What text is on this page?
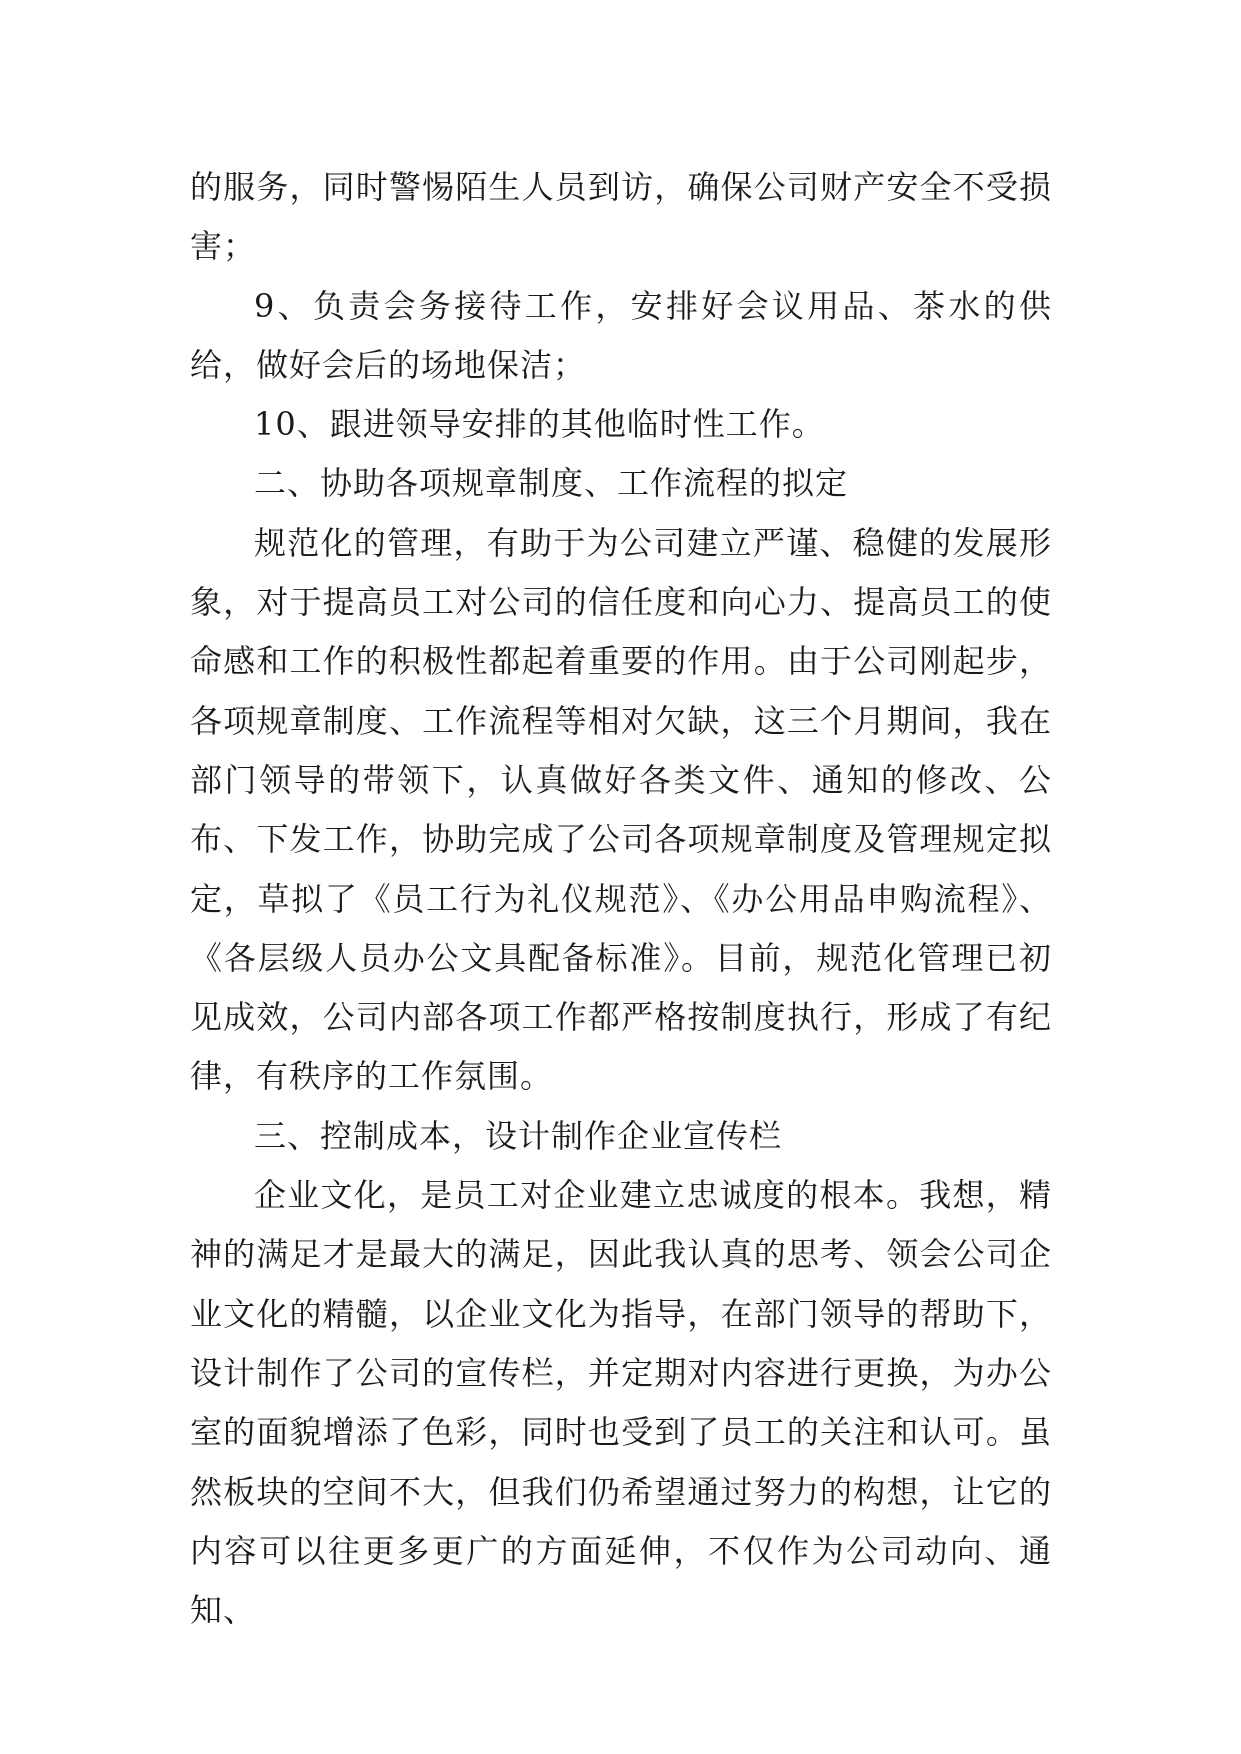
的服务，同时警惕陌生人员到访，确保公司财产安全不受损害；

9、负责会务接待工作，安排好会议用品、茶水的供给，做好会后的场地保洁；

10、跟进领导安排的其他临时性工作。

二、协助各项规章制度、工作流程的拟定

规范化的管理，有助于为公司建立严谨、稳健的发展形象，对于提高员工对公司的信任度和向心力、提高员工的使命感和工作的积极性都起着重要的作用。由于公司刚起步，各项规章制度、工作流程等相对欠缺，这三个月期间，我在部门领导的带领下，认真做好各类文件、通知的修改、公布、下发工作，协助完成了公司各项规章制度及管理规定拟定，草拟了《员工行为礼仪规范》、《办公用品申购流程》、《各层级人员办公文具配备标准》。目前，规范化管理已初见成效，公司内部各项工作都严格按制度执行，形成了有纪律，有秩序的工作氛围。

三、控制成本，设计制作企业宣传栏

企业文化，是员工对企业建立忠诚度的根本。我想，精神的满足才是最大的满足，因此我认真的思考、领会公司企业文化的精髓，以企业文化为指导，在部门领导的帮助下，设计制作了公司的宣传栏，并定期对内容进行更换，为办公室的面貌增添了色彩，同时也受到了员工的关注和认可。虽然板块的空间不大，但我们仍希望通过努力的构想，让它的内容可以往更多更广的方面延伸，不仅作为公司动向、通知、
